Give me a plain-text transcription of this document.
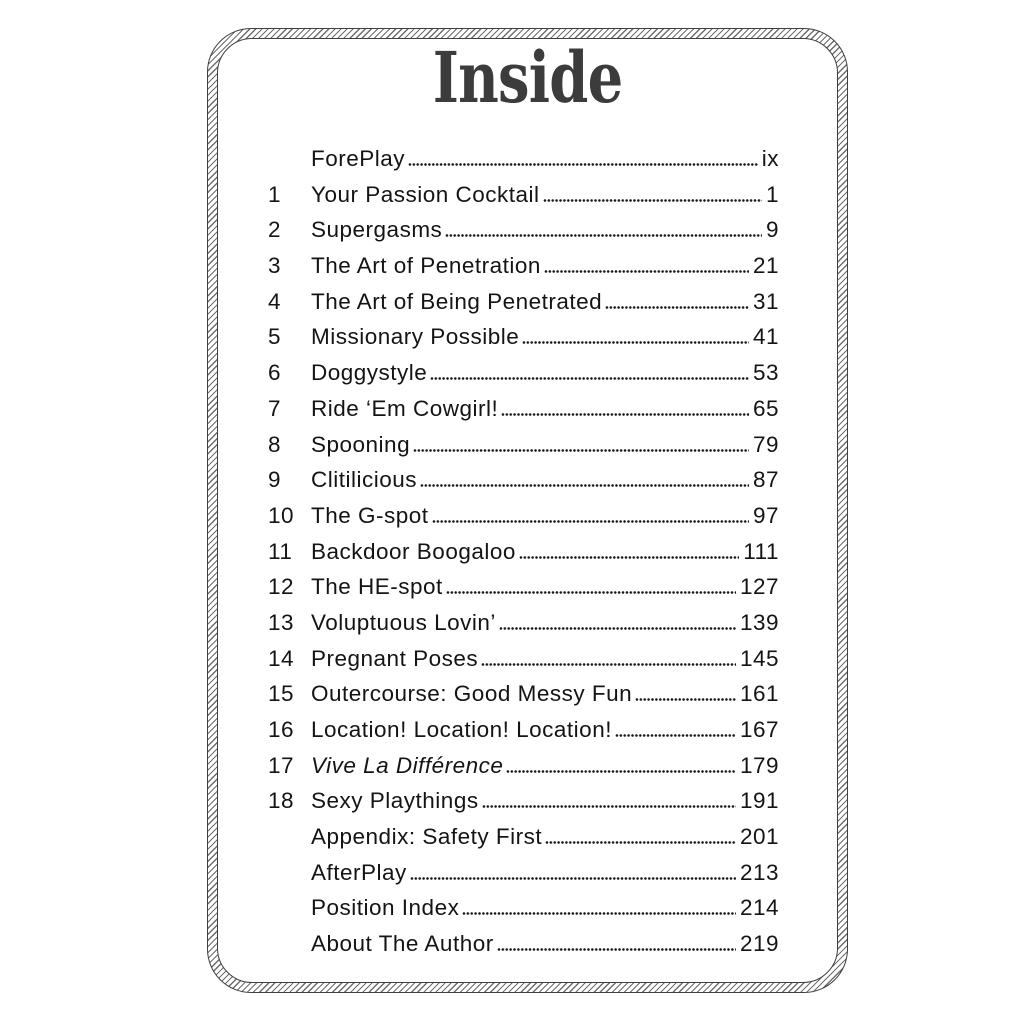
Inside
ForePlay	ix
1	Your Passion Cocktail	1
2	Supergasms	9
3	The Art of Penetration	21
4	The Art of Being Penetrated	31
5	Missionary Possible	41
6	Doggystyle	53
7	Ride ‘Em Cowgirl!	65
8	Spooning	79
9	Clitilicious	87
10 The G-spot	97
11 Backdoor Boogaloo	111
12 The HE-spot	127
13 Voluptuous Lovin’	139
14 Pregnant Poses	145
15 Outercourse: Good Messy Fun	161
16 Location! Location! Location!	167
17 Vive La Différence	179
18 Sexy Playthings	191
Appendix: Safety First	201
AfterPlay	213
Position Index	214
About The Author	219
